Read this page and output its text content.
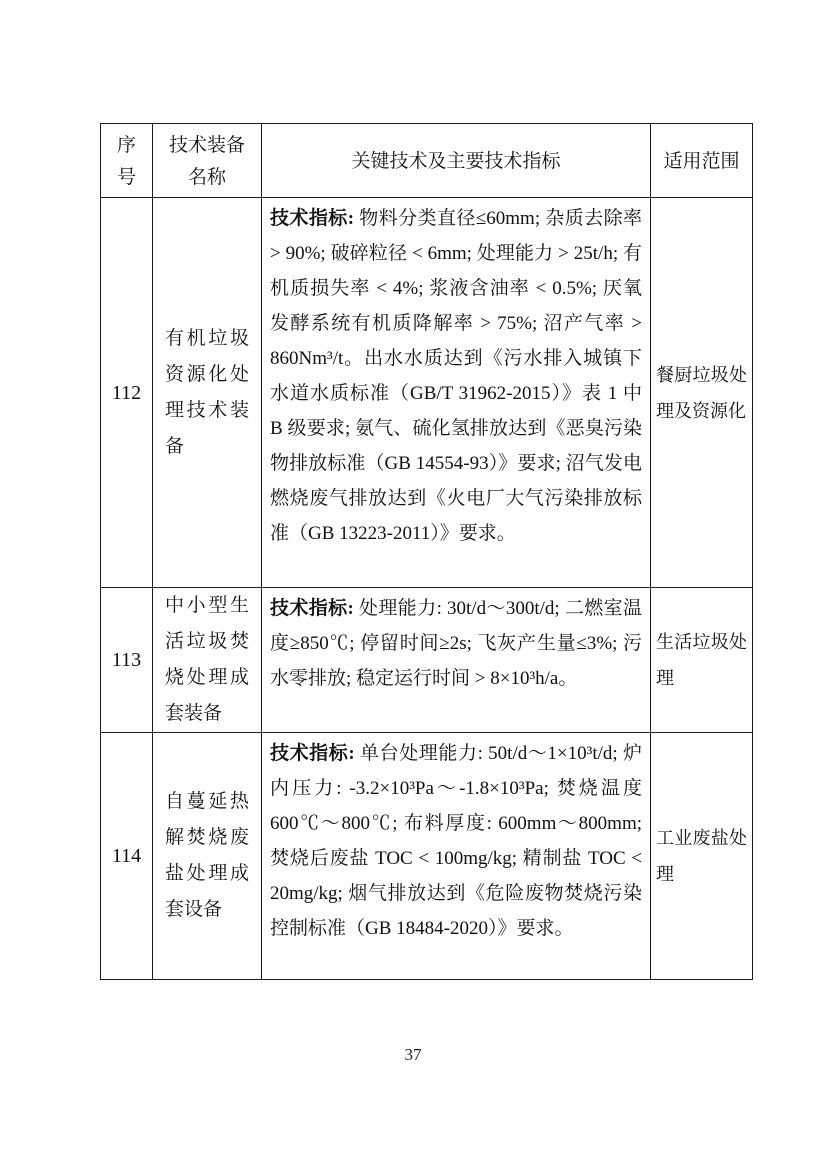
序号	技术装备名称	关键技术及主要技术指标	适用范围
112	有机垃圾资源化处理技术装备	技术指标: 物料分类直径≤60mm; 杂质去除率 > 90%; 破碎粒径 < 6mm; 处理能力 > 25t/h; 有机质损失率 < 4%; 浆液含油率 < 0.5%; 厌氧发酵系统有机质降解率 > 75%; 沼产气率 > 860Nm³/t。出水水质达到《污水排入城镇下水道水质标准（GB/T 31962-2015）》表 1 中 B 级要求; 氨气、硫化氢排放达到《恶臭污染物排放标准（GB 14554-93）》要求; 沼气发电燃烧废气排放达到《火电厂大气污染排放标准（GB 13223-2011）》要求。	餐厨垃圾处理及资源化
113	中小型生活垃圾焚烧处理成套装备	技术指标: 处理能力: 30t/d～300t/d; 二燃室温度≥850℃; 停留时间≥2s; 飞灰产生量≤3%; 污水零排放; 稳定运行时间 > 8×10³h/a。	生活垃圾处理
114	自蔓延热解焚烧废盐处理成套设备	技术指标: 单台处理能力: 50t/d～1×10³t/d; 炉内压力: -3.2×10³Pa～-1.8×10³Pa; 焚烧温度 600℃～800℃; 布料厚度: 600mm～800mm; 焚烧后废盐 TOC < 100mg/kg; 精制盐 TOC < 20mg/kg; 烟气排放达到《危险废物焚烧污染控制标准（GB 18484-2020）》要求。	工业废盐处理
37
